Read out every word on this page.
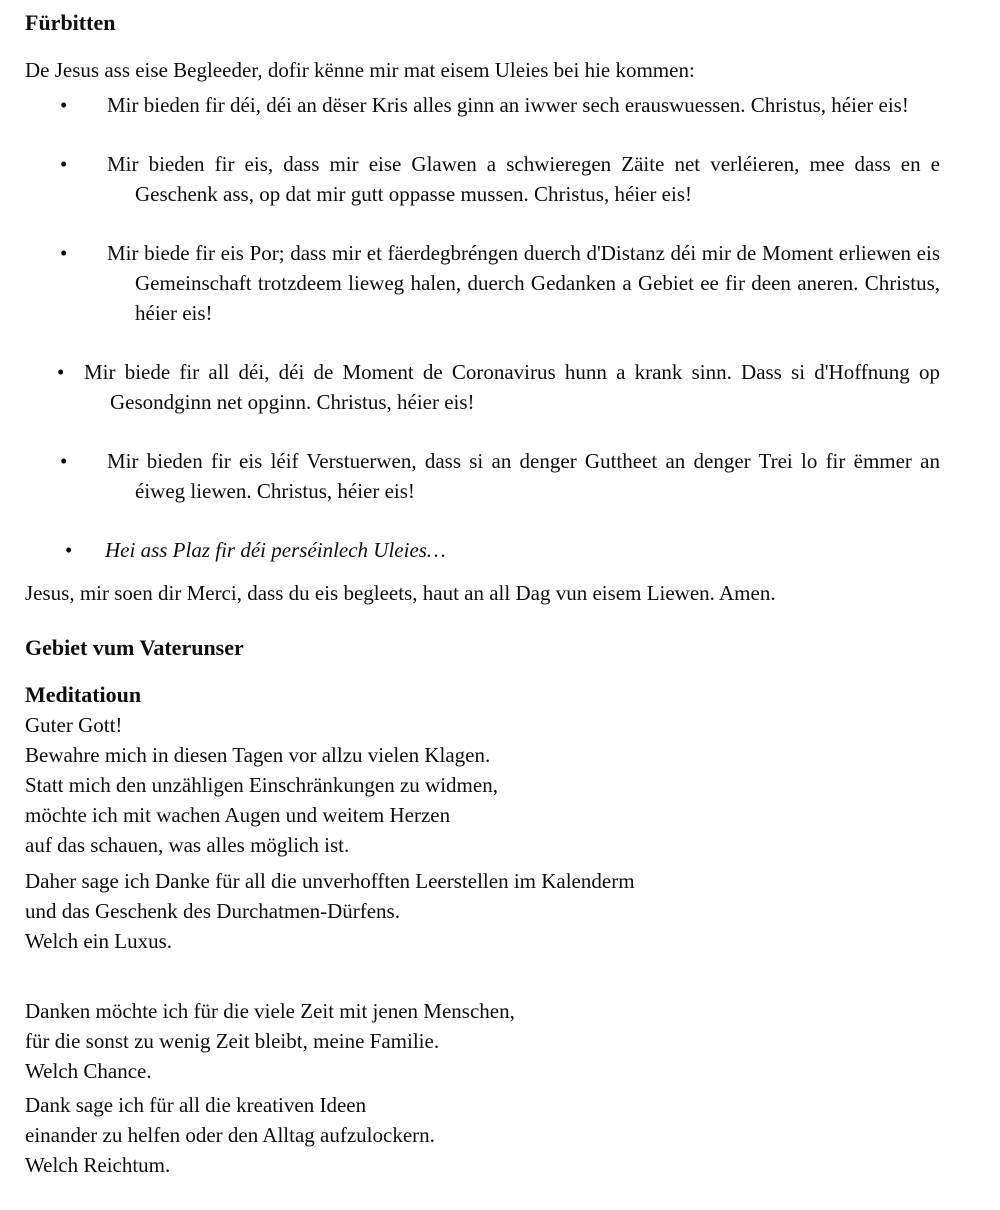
Fürbitten

De Jesus ass eise Begleeder, dofir kënne mir mat eisem Uleies bei hie kommen:

• Mir bieden fir déi, déi an dëser Kris alles ginn an iwwer sech erauswuessen. Christus, héier eis!
• Mir bieden fir eis, dass mir eise Glawen a schwieregen Zäite net verléieren, mee dass en e Geschenk ass, op dat mir gutt oppasse mussen. Christus, héier eis!
• Mir biede fir eis Por; dass mir et fäerdegbréngen duerch d'Distanz déi mir de Moment erliewen eis Gemeinschaft trotzdeem lieweg halen, duerch Gedanken a Gebiet ee fir deen aneren. Christus, héier eis!
• Mir biede fir all déi, déi de Moment de Coronavirus hunn a krank sinn. Dass si d'Hoffnung op Gesondginn net opginn. Christus, héier eis!
• Mir bieden fir eis léif Verstuerwen, dass si an denger Guttheet an denger Trei lo fir ëmmer an éiweg liewen. Christus, héier eis!
• Hei ass Plaz fir déi perséinlech Uleies…

Jesus, mir soen dir Merci, dass du eis begleets, haut an all Dag vun eisem Liewen. Amen.

Gebiet vum Vaterunser
Meditatioun
Guter Gott!
Bewahre mich in diesen Tagen vor allzu vielen Klagen.
Statt mich den unzähligen Einschränkungen zu widmen,
möchte ich mit wachen Augen und weitem Herzen
auf das schauen, was alles möglich ist.
Daher sage ich Danke für all die unverhofften Leerstellen im Kalenderm
und das Geschenk des Durchatmen-Dürfens.
Welch ein Luxus.
Danken möchte ich für die viele Zeit mit jenen Menschen,
für die sonst zu wenig Zeit bleibt, meine Familie.
Welch Chance.
Dank sage ich für all die kreativen Ideen
einander zu helfen oder den Alltag aufzulockern.
Welch Reichtum.
